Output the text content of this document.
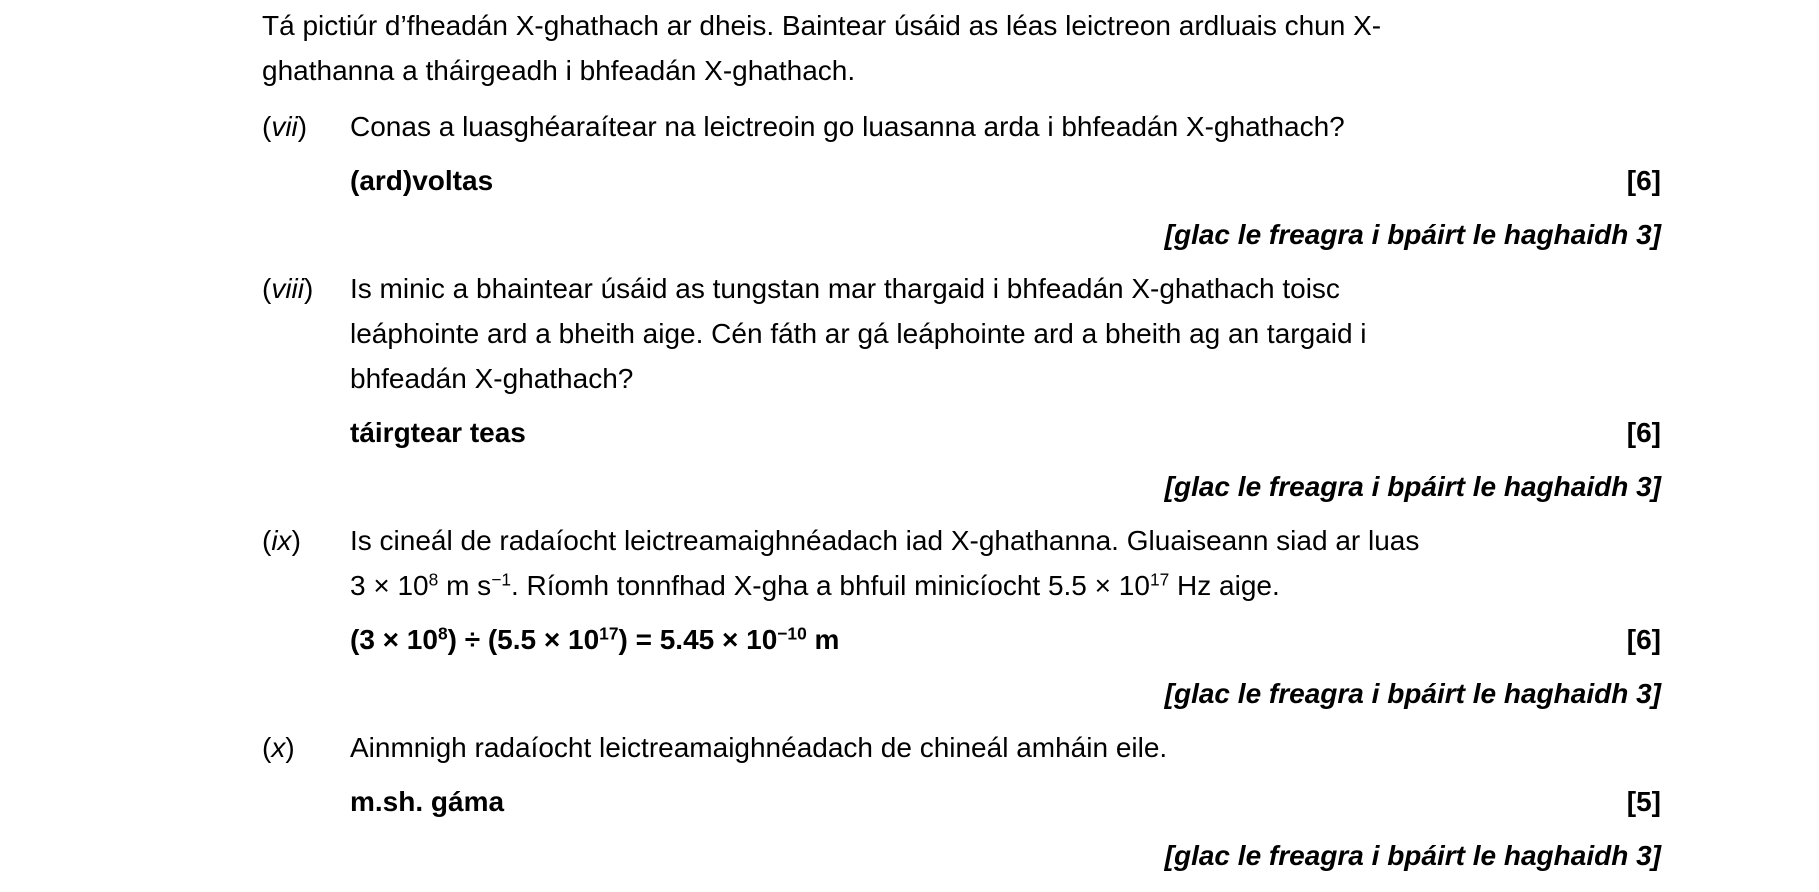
Tá pictiúr d’fheadán X-ghathach ar dheis. Baintear úsáid as léas leictreon ardluais chun X-
ghathanna a tháirgeadh i bhfeadán X-ghathach.
(vii) Conas a luasghéaraítear na leictreoin go luasanna arda i bhfeadán X-ghathach?
(ard)voltas	[6]
[glac le freagra i bpáirt le haghaidh 3]
(viii) Is minic a bhaintear úsáid as tungstan mar thargaid i bhfeadán X-ghathach toisc
leáphointe ard a bheith aige. Cén fáth ar gá leáphointe ard a bheith ag an targaid i
bhfeadán X-ghathach?
táirgtear teas	[6]
[glac le freagra i bpáirt le haghaidh 3]
(ix) Is cineál de radaíocht leictreamaighnéadach iad X-ghathanna. Gluaiseann siad ar luas
$3 \times 10^8$ m $s^{-1}$. Ríomh tonnfhad X-gha a bhfuil minicíocht $5.5 \times 10^{17}$ Hz aige.
$(3 \times 10^8) \div (5.5 \times 10^{17}) = 5.45 \times 10^{-10}$ m	[6]
[glac le freagra i bpáirt le haghaidh 3]
(x) Ainmnigh radaíocht leictreamaighnéadach de chineál amháin eile.
m.sh. gáma	[5]
[glac le freagra i bpáirt le haghaidh 3]
